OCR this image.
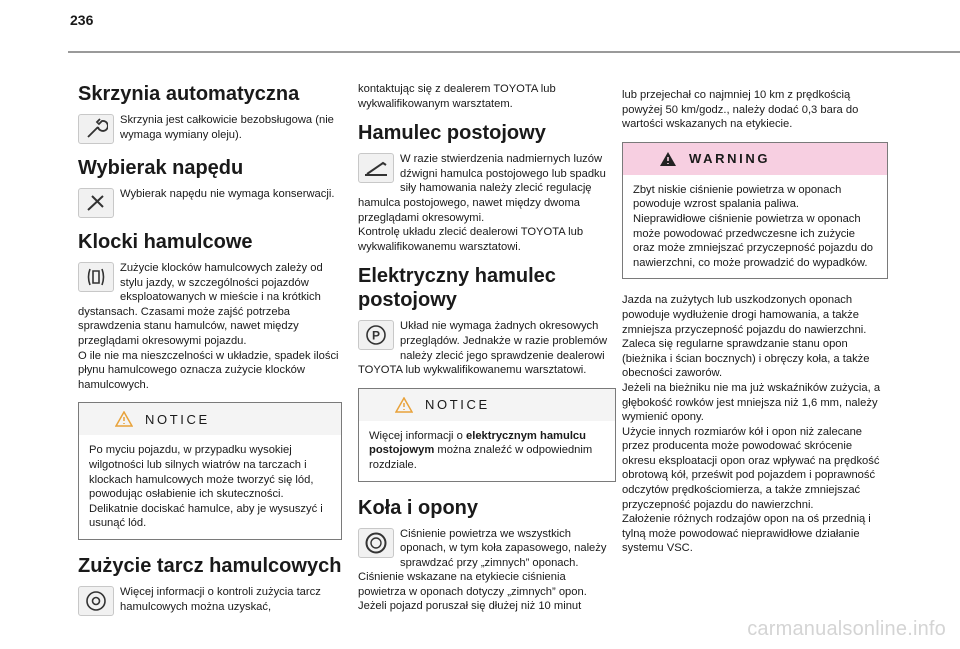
236
Skrzynia automatyczna

Skrzynia jest całkowicie bezobsługowa (nie wymaga wymiany oleju).

Wybierak napędu

Wybierak napędu nie wymaga konserwacji.

Klocki hamulcowe

Zużycie klocków hamulcowych zależy od stylu jazdy, w szczególności pojazdów eksploatowanych w mieście i na krótkich dystansach. Czasami może zajść potrzeba sprawdzenia stanu hamulców, nawet między przeglądami okresowymi pojazdu.

O ile nie ma nieszczelności w układzie, spadek ilości płynu hamulcowego oznacza zużycie klocków hamulcowych.

NOTICE
Po myciu pojazdu, w przypadku wysokiej wilgotności lub silnych wiatrów na tarczach i klockach hamulcowych może tworzyć się lód, powodując osłabienie ich skuteczności. Delikatnie dociskać hamulce, aby je wysuszyć i usunąć lód.
Zużycie tarcz hamulcowych

Więcej informacji o kontroli zużycia tarcz hamulcowych można uzyskać,

kontaktując się z dealerem TOYOTA lub wykwalifikowanym warsztatem.

Hamulec postojowy

W razie stwierdzenia nadmiernych luzów dźwigni hamulca postojowego lub spadku siły hamowania należy zlecić regulację hamulca postojowego, nawet między dwoma przeglądami okresowymi.

Kontrolę układu zlecić dealerowi TOYOTA lub wykwalifikowanemu warsztatowi.

Elektryczny hamulec
postojowy
P

Układ nie wymaga żadnych okresowych przeglądów. Jednakże w razie problemów należy zlecić jego sprawdzenie dealerowi TOYOTA lub wykwalifikowanemu warsztatowi.

NOTICE
Więcej informacji o elektrycznym hamulcu postojowym można znaleźć w odpowiednim rozdziale.
Koła i opony

Ciśnienie powietrza we wszystkich oponach, w tym koła zapasowego, należy sprawdzać przy „zimnych” oponach.

Ciśnienie wskazane na etykiecie ciśnienia powietrza w oponach dotyczy „zimnych” opon. Jeżeli pojazd poruszał się dłużej niż 10 minut

lub przejechał co najmniej 10 km z prędkością powyżej 50 km/godz., należy dodać 0,3 bara do wartości wskazanych na etykiecie.

WARNING
Zbyt niskie ciśnienie powietrza w oponach powoduje wzrost spalania paliwa.
Nieprawidłowe ciśnienie powietrza w oponach może powodować przedwczesne ich zużycie oraz może zmniejszać przyczepność pojazdu do nawierzchni, co może prowadzić do wypadków.

Jazda na zużytych lub uszkodzonych oponach powoduje wydłużenie drogi hamowania, a także zmniejsza przyczepność pojazdu do nawierzchni. Zaleca się regularne sprawdzanie stanu opon (bieżnika i ścian bocznych) i obręczy koła, a także obecności zaworów.

Jeżeli na bieżniku nie ma już wskaźników zużycia, a głębokość rowków jest mniejsza niż 1,6 mm, należy wymienić opony.

Użycie innych rozmiarów kół i opon niż zalecane przez producenta może powodować skrócenie okresu eksploatacji opon oraz wpływać na prędkość obrotową kół, prześwit pod pojazdem i poprawność odczytów prędkościomierza, a także zmniejszać przyczepność pojazdu do nawierzchni.

Założenie różnych rodzajów opon na oś przednią i tylną może powodować nieprawidłowe działanie systemu VSC.

carmanualsonline.info
